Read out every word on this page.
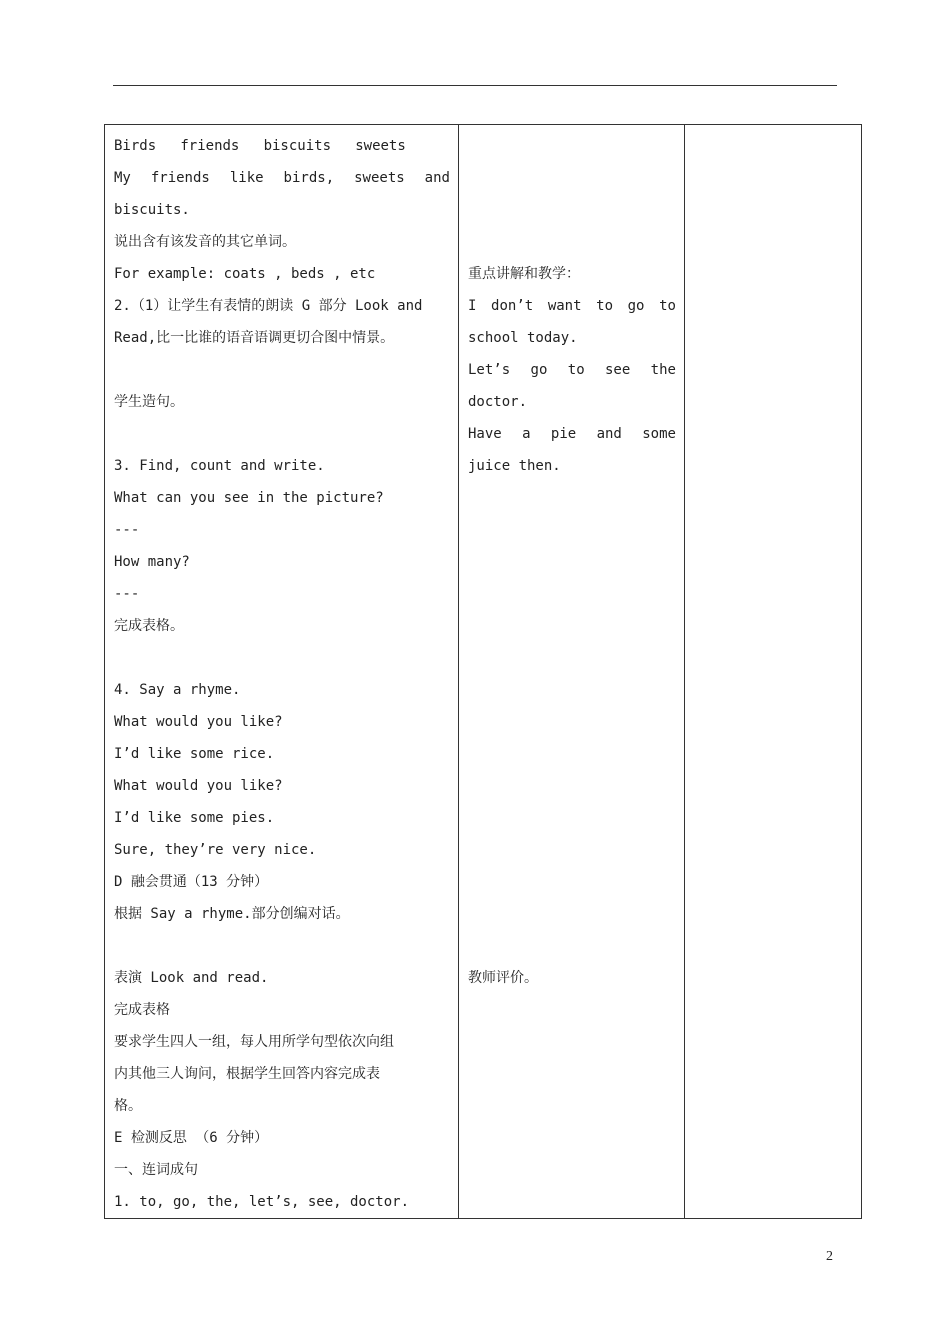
Birds friends biscuits sweets
My friends like birds, sweets and
biscuits.
说出含有该发音的其它单词。
For example: coats , beds , etc
2.（1）让学生有表情的朗读 G 部分 Look and
Read,比一比谁的语音语调更切合图中情景。
学生造句。
3. Find, count and write.
What can you see in the picture?
---
How many?
---
完成表格。
4. Say a rhyme.
What would you like?
I’d like some rice.
What would you like?
I’d like some pies.
Sure, they’re very nice.
D 融会贯通（13 分钟）
根据 Say a rhyme.部分创编对话。
表演 Look and read.
完成表格
要求学生四人一组，每人用所学句型依次向组
内其他三人询问，根据学生回答内容完成表
格。
E 检测反思 （6 分钟）
一、连词成句
1. to, go, the, let’s, see, doctor.

重点讲解和教学：
I don’t want to go to
school today.
Let’s go to see the
doctor.
Have a pie and some
juice then.
教师评价。

2
